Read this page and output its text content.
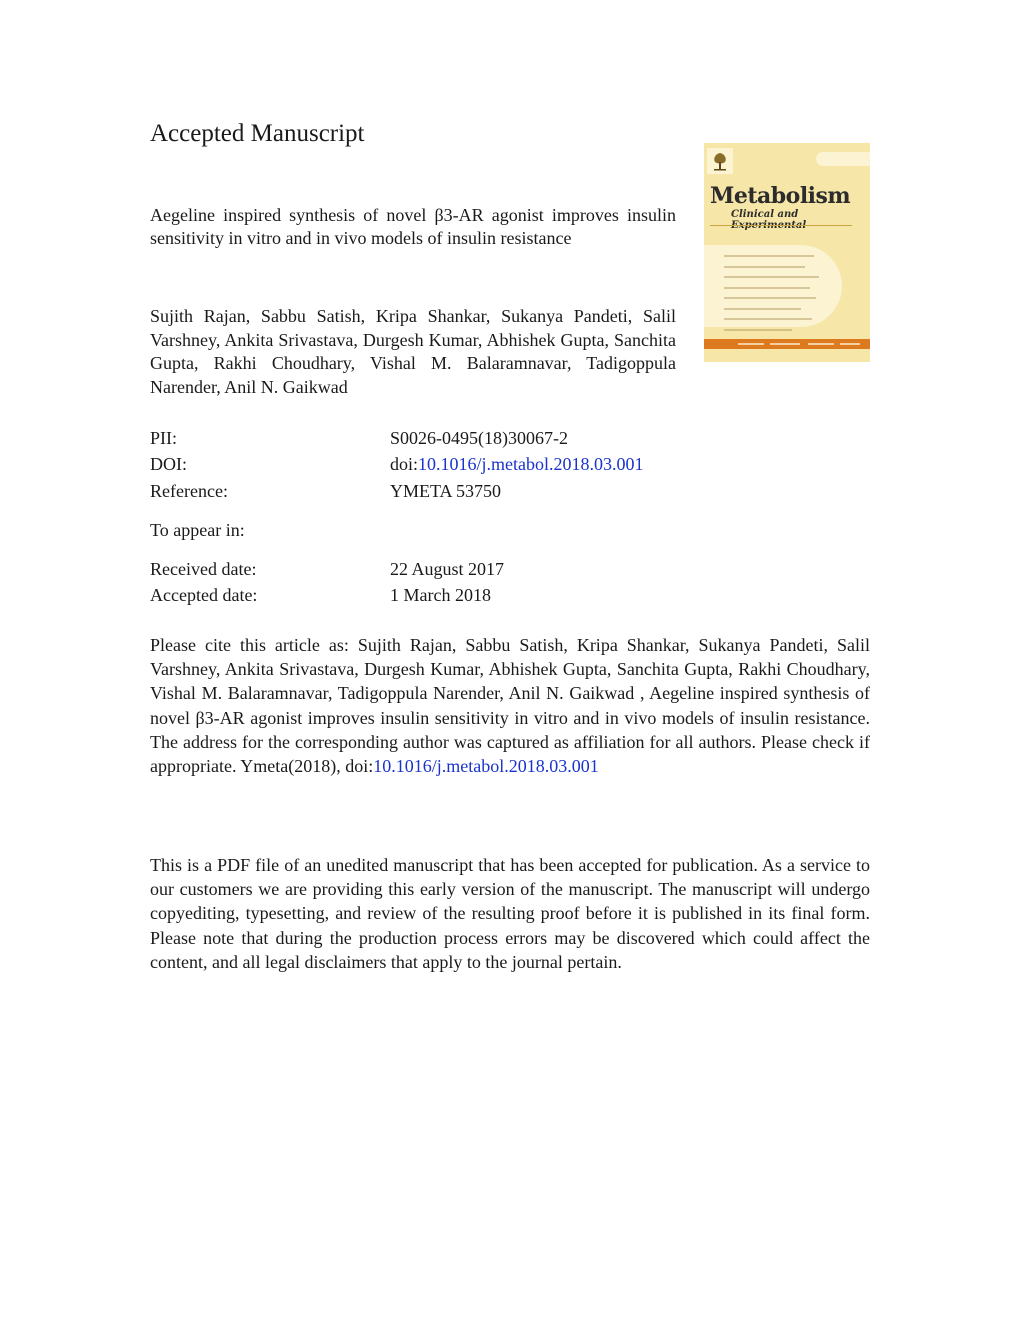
Accepted Manuscript

Aegeline inspired synthesis of novel β3-AR agonist improves insulin sensitivity in vitro and in vivo models of insulin resistance

Sujith Rajan, Sabbu Satish, Kripa Shankar, Sukanya Pandeti, Salil Varshney, Ankita Srivastava, Durgesh Kumar, Abhishek Gupta, Sanchita Gupta, Rakhi Choudhary, Vishal M. Balaramnavar, Tadigoppula Narender, Anil N. Gaikwad

Metabolism
Clinical and
PII:	S0026-0495(18)30067-2
DOI:	doi:10.1016/j.metabol.2018.03.001
Reference:	YMETA 53750
To appear in:
Received date:	22 August 2017
Accepted date:	1 March 2018

Please cite this article as: Sujith Rajan, Sabbu Satish, Kripa Shankar, Sukanya Pandeti, Salil Varshney, Ankita Srivastava, Durgesh Kumar, Abhishek Gupta, Sanchita Gupta, Rakhi Choudhary, Vishal M. Balaramnavar, Tadigoppula Narender, Anil N. Gaikwad , Aegeline inspired synthesis of novel β3-AR agonist improves insulin sensitivity in vitro and in vivo models of insulin resistance. The address for the corresponding author was captured as affiliation for all authors. Please check if appropriate. Ymeta(2018), doi:10.1016/j.metabol.2018.03.001

This is a PDF file of an unedited manuscript that has been accepted for publication. As a service to our customers we are providing this early version of the manuscript. The manuscript will undergo copyediting, typesetting, and review of the resulting proof before it is published in its final form. Please note that during the production process errors may be discovered which could affect the content, and all legal disclaimers that apply to the journal pertain.
